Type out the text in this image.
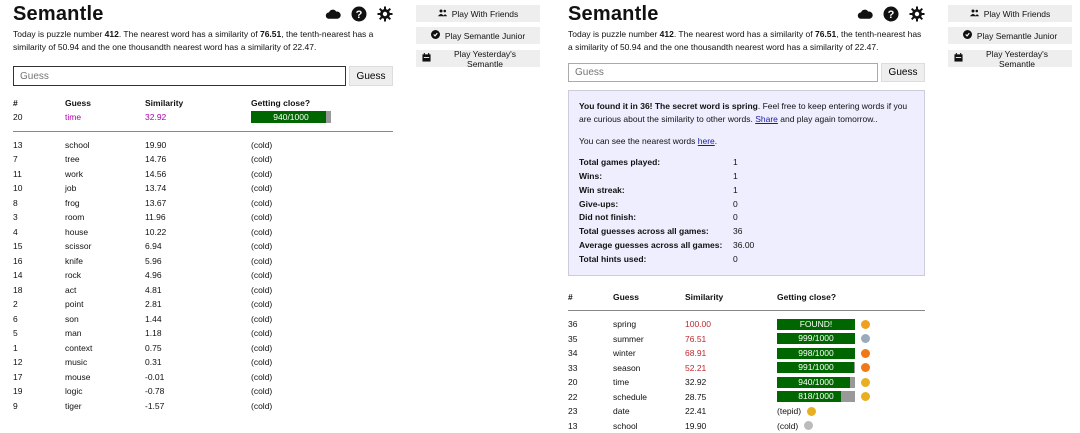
Semantle	?
Today is puzzle number 412. The nearest word has a similarity of 76.51, the tenth-nearest has a similarity of 50.94 and the one thousandth nearest word has a similarity of 22.47.
Guess
Guess
#	Guess	Similarity	Getting close?
20	time	32.92	940/1000

13	school	19.90	(cold)
7	tree	14.76	(cold)
11	work	14.56	(cold)
10	job	13.74	(cold)
8	frog	13.67	(cold)
3	room	11.96	(cold)
4	house	10.22	(cold)
15	scissor	6.94	(cold)
16	knife	5.96	(cold)
14	rock	4.96	(cold)
18	act	4.81	(cold)
2	point	2.81	(cold)
6	son	1.44	(cold)
5	man	1.18	(cold)
1	context	0.75	(cold)
12	music	0.31	(cold)
17	mouse	-0.01	(cold)
19	logic	-0.78	(cold)
9	tiger	-1.57	(cold)
Play With Friends
Play Semantle Junior
Play Yesterday's Semantle
Play With Friends
Play Semantle Junior
Play Yesterday's Semantle
Semantle	?
Today is puzzle number 412. The nearest word has a similarity of 76.51, the tenth-nearest has a similarity of 50.94 and the one thousandth nearest word has a similarity of 22.47.
Guess
Guess
You found it in 36! The secret word is spring. Feel free to keep entering words if you are curious about the similarity to other words. Share and play again tomorrow..
You can see the nearest words here.
Total games played:	1
Wins:	1
Win streak:	1
Give-ups:	0
Did not finish:	0
Total guesses across all games:	36
Average guesses across all games:	36.00
Total hints used:	0
#	Guess	Similarity	Getting close?

36	spring	100.00	FOUND!

35	summer	76.51	999/1000

34	winter	68.91	998/1000

33	season	52.21	991/1000

20	time	32.92	940/1000

22	schedule	28.75	818/1000

23	date	22.41	(tepid)

13	school	19.90	(cold)
